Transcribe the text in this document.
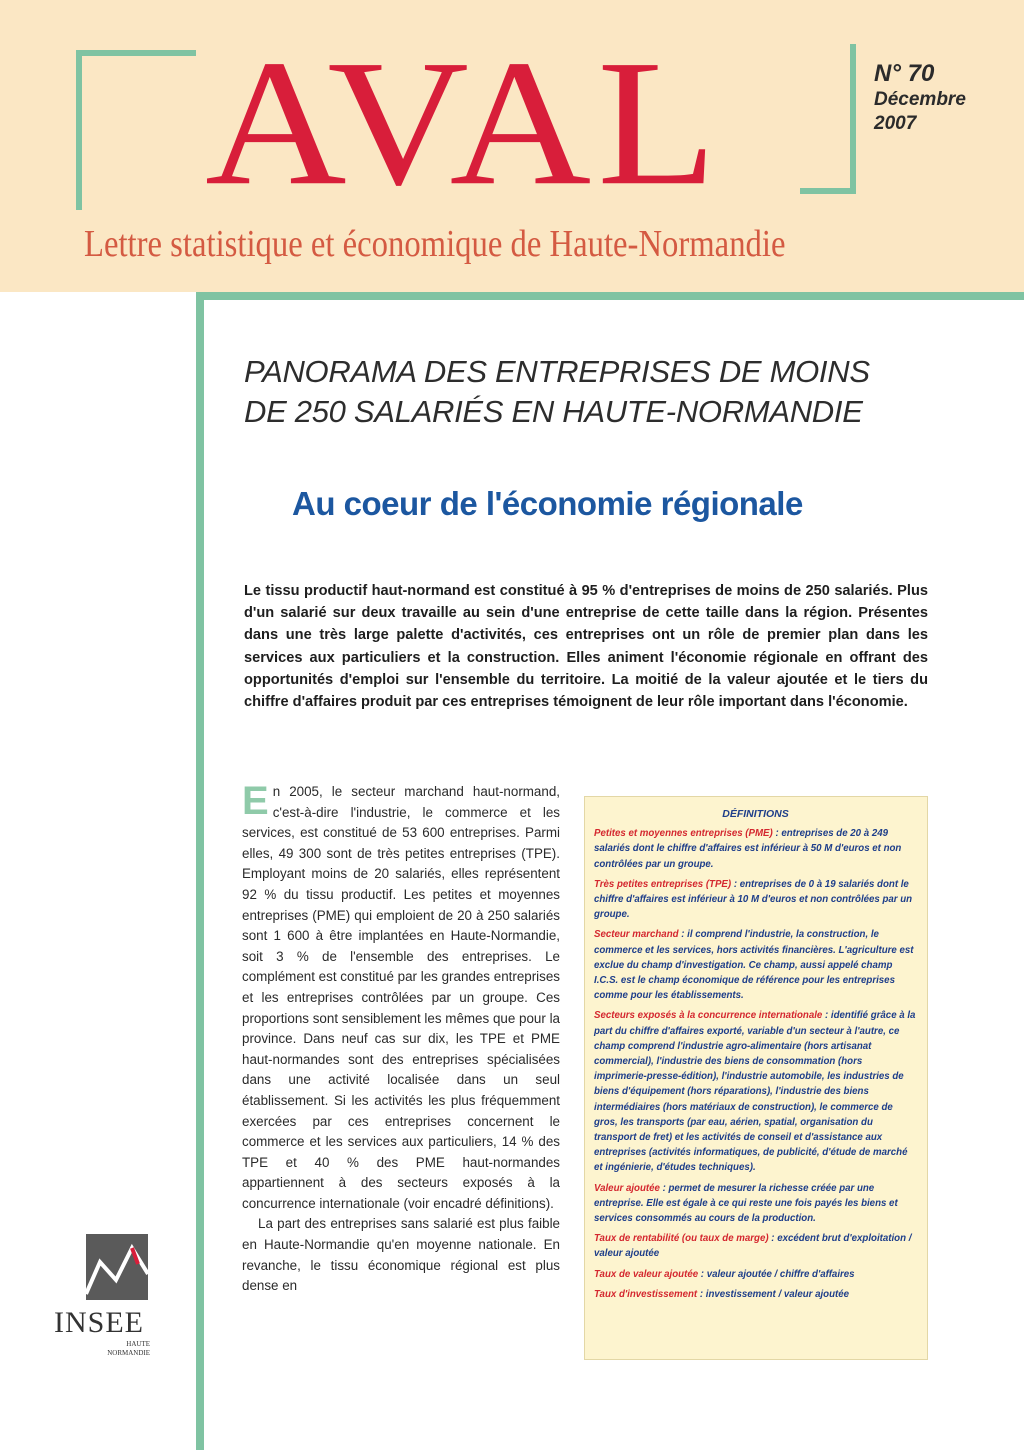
AVAL
Lettre statistique et économique de Haute-Normandie
N° 70
Décembre
2007
PANORAMA DES ENTREPRISES DE MOINS
DE 250 SALARIÉS EN HAUTE-NORMANDIE
Au coeur de l'économie régionale
Le tissu productif haut-normand est constitué à 95 % d'entreprises de moins de 250 salariés. Plus d'un salarié sur deux travaille au sein d'une entreprise de cette taille dans la région. Présentes dans une très large palette d'activités, ces entreprises ont un rôle de premier plan dans les services aux particuliers et la construction. Elles animent l'économie régionale en offrant des opportunités d'emploi sur l'ensemble du territoire. La moitié de la valeur ajoutée et le tiers du chiffre d'affaires produit par ces entreprises témoignent de leur rôle important dans l'économie.

En 2005, le secteur marchand haut-normand, c'est-à-dire l'industrie, le commerce et les services, est constitué de 53 600 entreprises. Parmi elles, 49 300 sont de très petites entreprises (TPE). Employant moins de 20 salariés, elles représentent 92 % du tissu productif. Les petites et moyennes entreprises (PME) qui emploient de 20 à 250 salariés sont 1 600 à être implantées en Haute-Normandie, soit 3 % de l'ensemble des entreprises. Le complément est constitué par les grandes entreprises et les entreprises contrôlées par un groupe. Ces proportions sont sensiblement les mêmes que pour la province. Dans neuf cas sur dix, les TPE et PME haut-normandes sont des entreprises spécialisées dans une activité localisée dans un seul établissement. Si les activités les plus fréquemment exercées par ces entreprises concernent le commerce et les services aux particuliers, 14 % des TPE et 40 % des PME haut-normandes appartiennent à des secteurs exposés à la concurrence internationale (voir encadré définitions).

La part des entreprises sans salarié est plus faible en Haute-Normandie qu'en moyenne nationale. En revanche, le tissu économique régional est plus dense en

DÉFINITIONS

Petites et moyennes entreprises (PME) : entreprises de 20 à 249 salariés dont le chiffre d'affaires est inférieur à 50 M d'euros et non contrôlées par un groupe.

Très petites entreprises (TPE) : entreprises de 0 à 19 salariés dont le chiffre d'affaires est inférieur à 10 M d'euros et non contrôlées par un groupe.

Secteur marchand : il comprend l'industrie, la construction, le commerce et les services, hors activités financières. L'agriculture est exclue du champ d'investigation. Ce champ, aussi appelé champ I.C.S. est le champ économique de référence pour les entreprises comme pour les établissements.

Secteurs exposés à la concurrence internationale : identifié grâce à la part du chiffre d'affaires exporté, variable d'un secteur à l'autre, ce champ comprend l'industrie agro-alimentaire (hors artisanat commercial), l'industrie des biens de consommation (hors imprimerie-presse-édition), l'industrie automobile, les industries de biens d'équipement (hors réparations), l'industrie des biens intermédiaires (hors matériaux de construction), le commerce de gros, les transports (par eau, aérien, spatial, organisation du transport de fret) et les activités de conseil et d'assistance aux entreprises (activités informatiques, de publicité, d'étude de marché et ingénierie, d'études techniques).

Valeur ajoutée : permet de mesurer la richesse créée par une entreprise. Elle est égale à ce qui reste une fois payés les biens et services consommés au cours de la production.

Taux de rentabilité (ou taux de marge) : excédent brut d'exploitation / valeur ajoutée

Taux de valeur ajoutée : valeur ajoutée / chiffre d'affaires

Taux d'investissement : investissement / valeur ajoutée

INSEE
HAUTE
NORMANDIE
